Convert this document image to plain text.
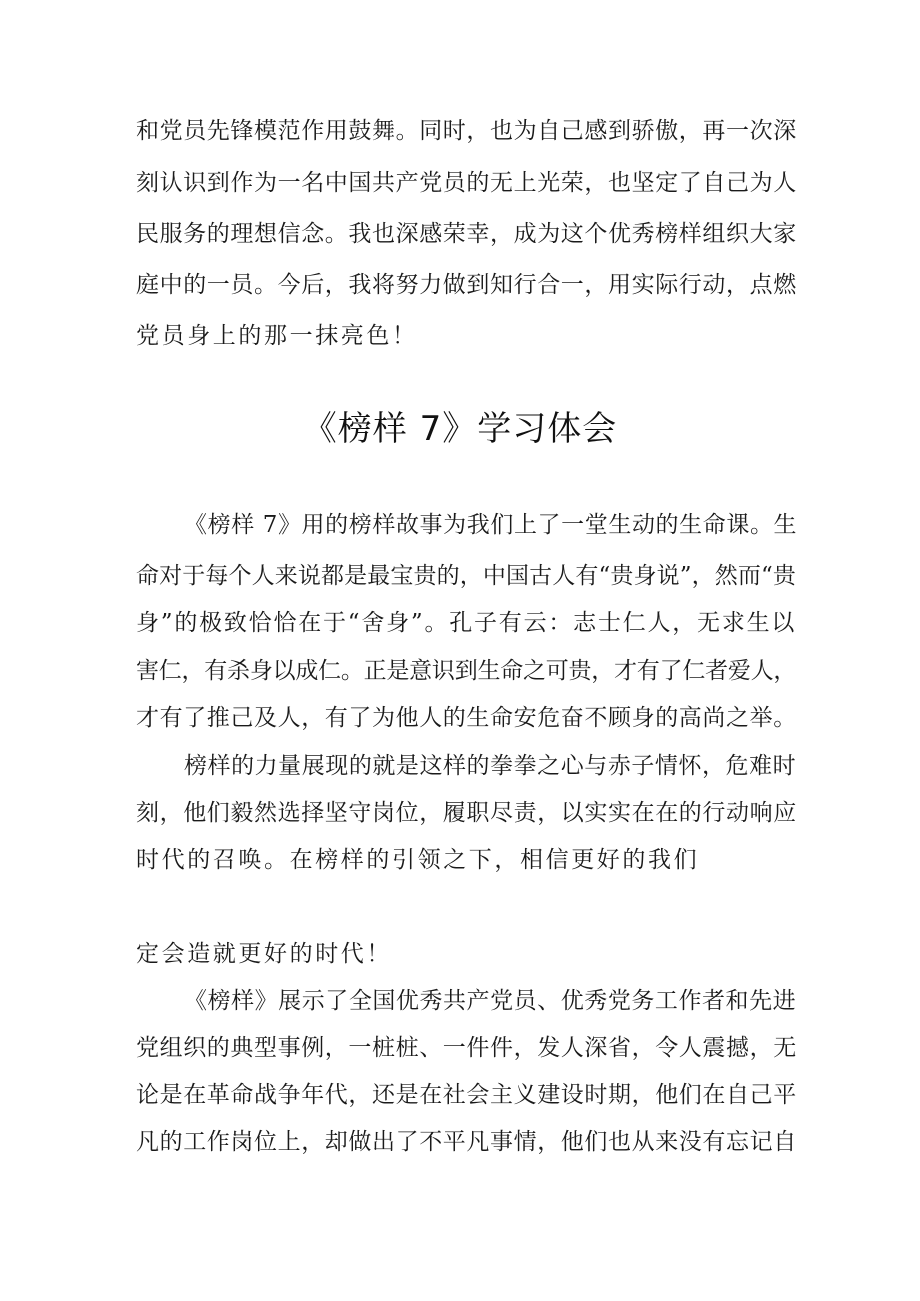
和党员先锋模范作用鼓舞。同时，也为自己感到骄傲，再一次深
刻认识到作为一名中国共产党员的无上光荣，也坚定了自己为人
民服务的理想信念。我也深感荣幸，成为这个优秀榜样组织大家
庭中的一员。今后，我将努力做到知行合一，用实际行动，点燃
党员身上的那一抹亮色！
《榜样 7》学习体会
《榜样 7》用的榜样故事为我们上了一堂生动的生命课。生
命对于每个人来说都是最宝贵的，中国古人有“贵身说”，然而“贵
身”的极致恰恰在于“舍身”。孔子有云：志士仁人，无求生以
害仁，有杀身以成仁。正是意识到生命之可贵，才有了仁者爱人，
才有了推己及人，有了为他人的生命安危奋不顾身的高尚之举。
榜样的力量展现的就是这样的拳拳之心与赤子情怀，危难时
刻，他们毅然选择坚守岗位，履职尽责，以实实在在的行动响应
时代的召唤。在榜样的引领之下，相信更好的我们
定会造就更好的时代！
《榜样》展示了全国优秀共产党员、优秀党务工作者和先进
党组织的典型事例，一桩桩、一件件，发人深省，令人震撼，无
论是在革命战争年代，还是在社会主义建设时期，他们在自己平
凡的工作岗位上，却做出了不平凡事情，他们也从来没有忘记自
